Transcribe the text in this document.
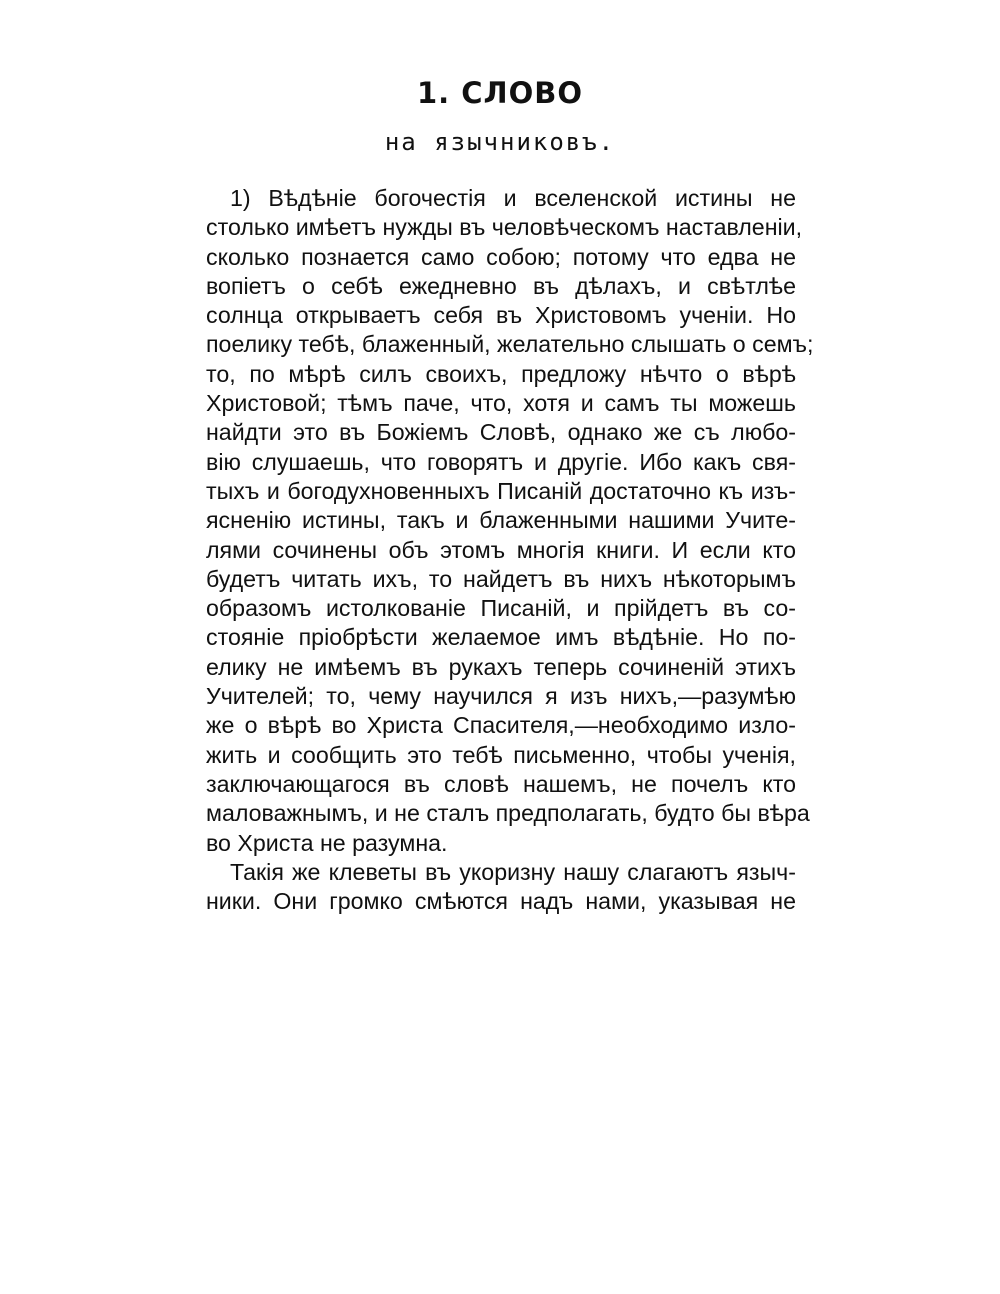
1. СЛОВО
на язычниковъ.
1) Вѣдѣніе богочестія и вселенской истины не
столько имѣетъ нужды въ человѣческомъ наставленіи,
сколько познается само собою; потому что едва не
вопіетъ о себѣ ежедневно въ дѣлахъ, и свѣтлѣе
солнца открываетъ себя въ Христовомъ ученіи. Но
поелику тебѣ, блаженный, желательно слышать о семъ;
то, по мѣрѣ силъ своихъ, предложу нѣчто о вѣрѣ
Христовой; тѣмъ паче, что, хотя и самъ ты можешь
найдти это въ Божіемъ Словѣ, однако же съ любо-
вію слушаешь, что говорятъ и другіе. Ибо какъ свя-
тыхъ и богодухновенныхъ Писаній достаточно къ изъ-
ясненію истины, такъ и блаженными нашими Учите-
лями сочинены объ этомъ многія книги. И если кто
будетъ читать ихъ, то найдетъ въ нихъ нѣкоторымъ
образомъ истолкованіе Писаній, и прійдетъ въ со-
стояніе пріобрѣсти желаемое имъ вѣдѣніе. Но по-
елику не имѣемъ въ рукахъ теперь сочиненій этихъ
Учителей; то, чему научился я изъ нихъ,—разумѣю
же о вѣрѣ во Христа Спасителя,—необходимо изло-
жить и сообщить это тебѣ письменно, чтобы ученія,
заключающагося въ словѣ нашемъ, не почелъ кто
маловажнымъ, и не сталъ предполагать, будто бы вѣра
во Христа не разумна.
Такія же клеветы въ укоризну нашу слагаютъ языч-
ники. Они громко смѣются надъ нами, указывая не
